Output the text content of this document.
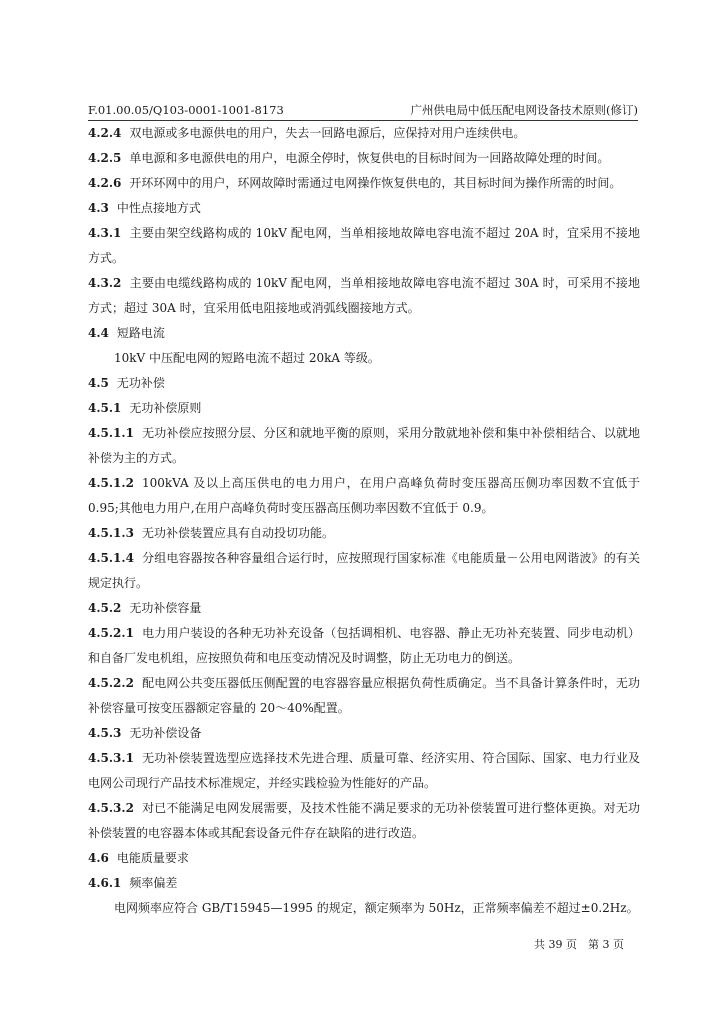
F.01.00.05/Q103-0001-1001-8173	广州供电局中低压配电网设备技术原则(修订)

4.2.4 双电源或多电源供电的用户，失去一回路电源后，应保持对用户连续供电。

4.2.5 单电源和多电源供电的用户，电源全停时，恢复供电的目标时间为一回路故障处理的时间。

4.2.6 开环环网中的用户，环网故障时需通过电网操作恢复供电的，其目标时间为操作所需的时间。

4.3 中性点接地方式

4.3.1 主要由架空线路构成的 10kV 配电网，当单相接地故障电容电流不超过 20A 时，宜采用不接地方式。

4.3.2 主要由电缆线路构成的 10kV 配电网，当单相接地故障电容电流不超过 30A 时，可采用不接地方式；超过 30A 时，宜采用低电阻接地或消弧线圈接地方式。

4.4 短路电流

10kV 中压配电网的短路电流不超过 20kA 等级。

4.5 无功补偿

4.5.1 无功补偿原则

4.5.1.1 无功补偿应按照分层、分区和就地平衡的原则，采用分散就地补偿和集中补偿相结合、以就地补偿为主的方式。

4.5.1.2 100kVA 及以上高压供电的电力用户，在用户高峰负荷时变压器高压侧功率因数不宜低于 0.95;其他电力用户,在用户高峰负荷时变压器高压侧功率因数不宜低于 0.9。

4.5.1.3 无功补偿装置应具有自动投切功能。

4.5.1.4 分组电容器按各种容量组合运行时，应按照现行国家标准《电能质量－公用电网谐波》的有关规定执行。

4.5.2 无功补偿容量

4.5.2.1 电力用户装设的各种无功补充设备（包括调相机、电容器、静止无功补充装置、同步电动机）和自备厂发电机组，应按照负荷和电压变动情况及时调整，防止无功电力的倒送。

4.5.2.2 配电网公共变压器低压侧配置的电容器容量应根据负荷性质确定。当不具备计算条件时，无功补偿容量可按变压器额定容量的 20～40%配置。

4.5.3 无功补偿设备

4.5.3.1 无功补偿装置选型应选择技术先进合理、质量可靠、经济实用、符合国际、国家、电力行业及电网公司现行产品技术标准规定，并经实践检验为性能好的产品。

4.5.3.2 对已不能满足电网发展需要，及技术性能不满足要求的无功补偿装置可进行整体更换。对无功补偿装置的电容器本体或其配套设备元件存在缺陷的进行改造。

4.6 电能质量要求

4.6.1 频率偏差

电网频率应符合 GB/T15945—1995 的规定，额定频率为 50Hz，正常频率偏差不超过±0.2Hz。

共 39 页　第 3 页
